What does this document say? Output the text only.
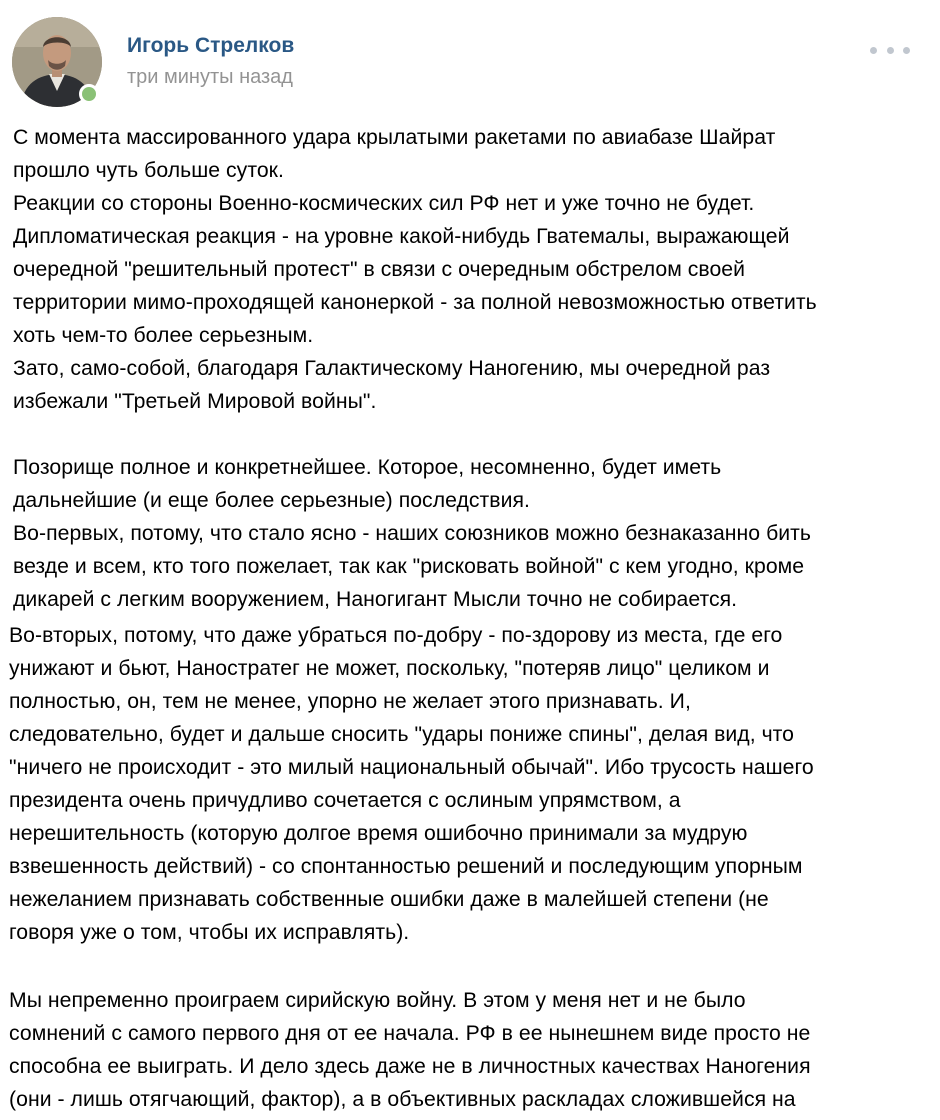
Игорь Стрелков
три минуты назад
С момента массированного удара крылатыми ракетами по авиабазе Шайрат
прошло чуть больше суток.
Реакции со стороны Военно-космических сил РФ нет и уже точно не будет.
Дипломатическая реакция - на уровне какой-нибудь Гватемалы, выражающей
очередной "решительный протест" в связи с очередным обстрелом своей
территории мимо-проходящей канонеркой - за полной невозможностью ответить
хоть чем-то более серьезным.
Зато, само-собой, благодаря Галактическому Наногению, мы очередной раз
избежали "Третьей Мировой войны".
Позорище полное и конкретнейшее. Которое, несомненно, будет иметь
дальнейшие (и еще более серьезные) последствия.
Во-первых, потому, что стало ясно - наших союзников можно безнаказанно бить
везде и всем, кто того пожелает, так как "рисковать войной" с кем угодно, кроме
дикарей с легким вооружением, Наногигант Мысли точно не собирается.
Во-вторых, потому, что даже убраться по-добру - по-здорову из места, где его
унижают и бьют, Наностратег не может, поскольку, "потеряв лицо" целиком и
полностью, он, тем не менее, упорно не желает этого признавать. И,
следовательно, будет и дальше сносить "удары пониже спины", делая вид, что
"ничего не происходит - это милый национальный обычай". Ибо трусость нашего
президента очень причудливо сочетается с ослиным упрямством, а
нерешительность (которую долгое время ошибочно принимали за мудрую
взвешенность действий) - со спонтанностью решений и последующим упорным
нежеланием признавать собственные ошибки даже в малейшей степени (не
говоря уже о том, чтобы их исправлять).
Мы непременно проиграем сирийскую войну. В этом у меня нет и не было
сомнений с самого первого дня от ее начала. РФ в ее нынешнем виде просто не
способна ее выиграть. И дело здесь даже не в личностных качествах Наногения
(они - лишь отягчающий, фактор), а в объективных раскладах сложившейся на
